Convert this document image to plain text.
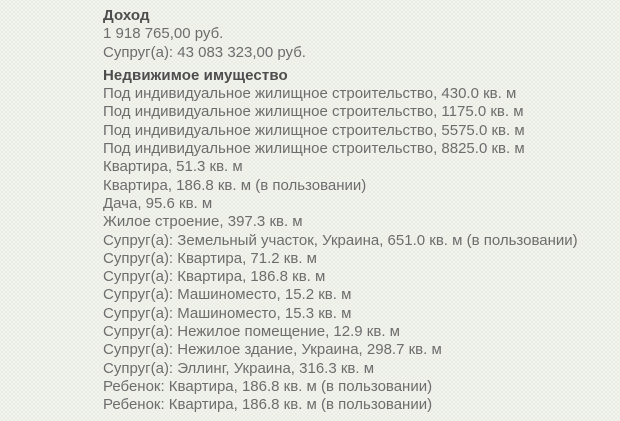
Доход
1 918 765,00 руб.
Супруг(а): 43 083 323,00 руб.
Недвижимое имущество
Под индивидуальное жилищное строительство, 430.0 кв. м
Под индивидуальное жилищное строительство, 1175.0 кв. м
Под индивидуальное жилищное строительство, 5575.0 кв. м
Под индивидуальное жилищное строительство, 8825.0 кв. м
Квартира, 51.3 кв. м
Квартира, 186.8 кв. м (в пользовании)
Дача, 95.6 кв. м
Жилое строение, 397.3 кв. м
Супруг(а): Земельный участок, Украина, 651.0 кв. м (в пользовании)
Супруг(а): Квартира, 71.2 кв. м
Супруг(а): Квартира, 186.8 кв. м
Супруг(а): Машиноместо, 15.2 кв. м
Супруг(а): Машиноместо, 15.3 кв. м
Супруг(а): Нежилое помещение, 12.9 кв. м
Супруг(а): Нежилое здание, Украина, 298.7 кв. м
Супруг(а): Эллинг, Украина, 316.3 кв. м
Ребенок: Квартира, 186.8 кв. м (в пользовании)
Ребенок: Квартира, 186.8 кв. м (в пользовании)
